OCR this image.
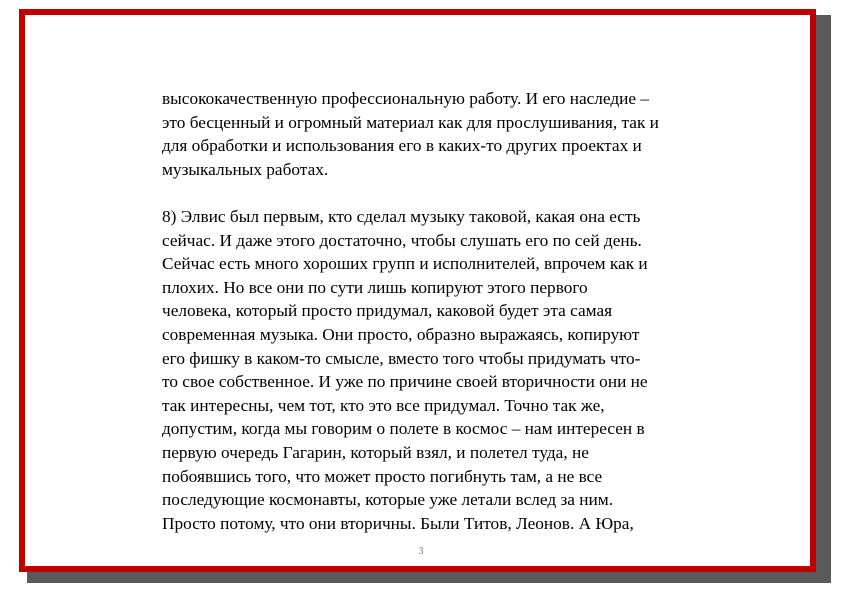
высококачественную профессиональную работу. И его наследие –
это бесценный и огромный материал как для прослушивания, так и
для обработки и использования его в каких-то других проектах и
музыкальных работах.
8) Элвис был первым, кто сделал музыку таковой, какая она есть
сейчас. И даже этого достаточно, чтобы слушать его по сей день.
Сейчас есть много хороших групп и исполнителей, впрочем как и
плохих. Но все они по сути лишь копируют этого первого
человека, который просто придумал, каковой будет эта самая
современная музыка. Они просто, образно выражаясь, копируют
его фишку в каком-то смысле, вместо того чтобы придумать что-
то свое собственное. И уже по причине своей вторичности они не
так интересны, чем тот, кто это все придумал. Точно так же,
допустим, когда мы говорим о полете в космос – нам интересен в
первую очередь Гагарин, который взял, и полетел туда, не
побоявшись того, что может просто погибнуть там, а не все
последующие космонавты, которые уже летали вслед за ним.
Просто потому, что они вторичны. Были Титов, Леонов. А Юра,
3
